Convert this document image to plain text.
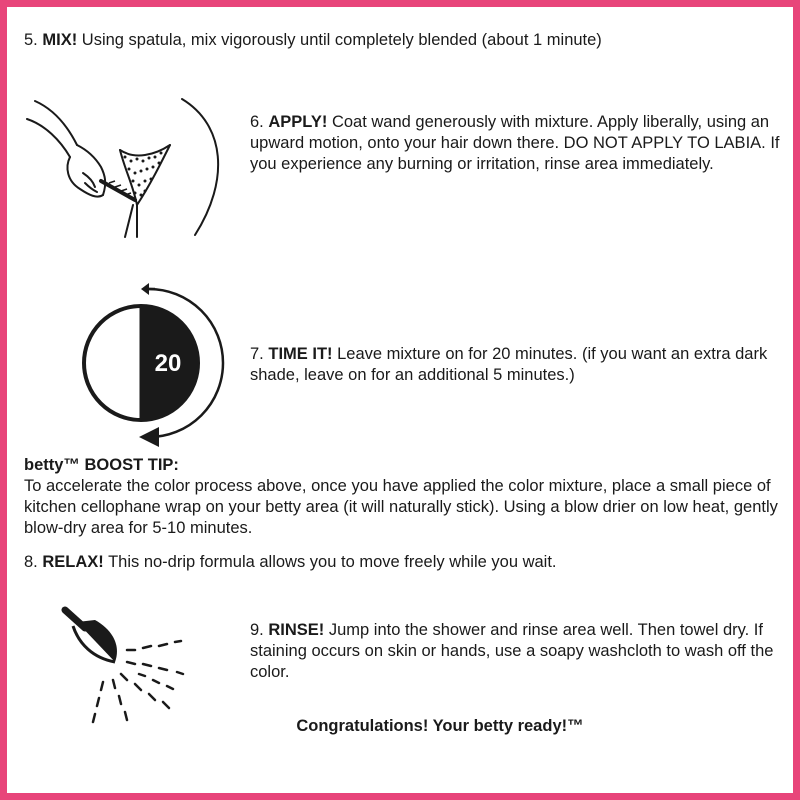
5. MIX! Using spatula, mix vigorously until completely blended (about 1 minute)
6. APPLY! Coat wand generously with mixture. Apply liberally, using an upward motion, onto your hair down there. DO NOT APPLY TO LABIA. If you experience any burning or irritation, rinse area immediately.
20	7. TIME IT! Leave mixture on for 20 minutes. (if you want an extra dark shade, leave on for an additional 5 minutes.)
betty™ BOOST TIP:
To accelerate the color process above, once you have applied the color mixture, place a small piece of kitchen cellophane wrap on your betty area (it will naturally stick). Using a blow drier on low heat, gently blow-dry area for 5-10 minutes.
8. RELAX! This no-drip formula allows you to move freely while you wait.
9. RINSE! Jump into the shower and rinse area well. Then towel dry. If staining occurs on skin or hands, use a soapy washcloth to wash off the color.
Congratulations! Your betty ready!™
